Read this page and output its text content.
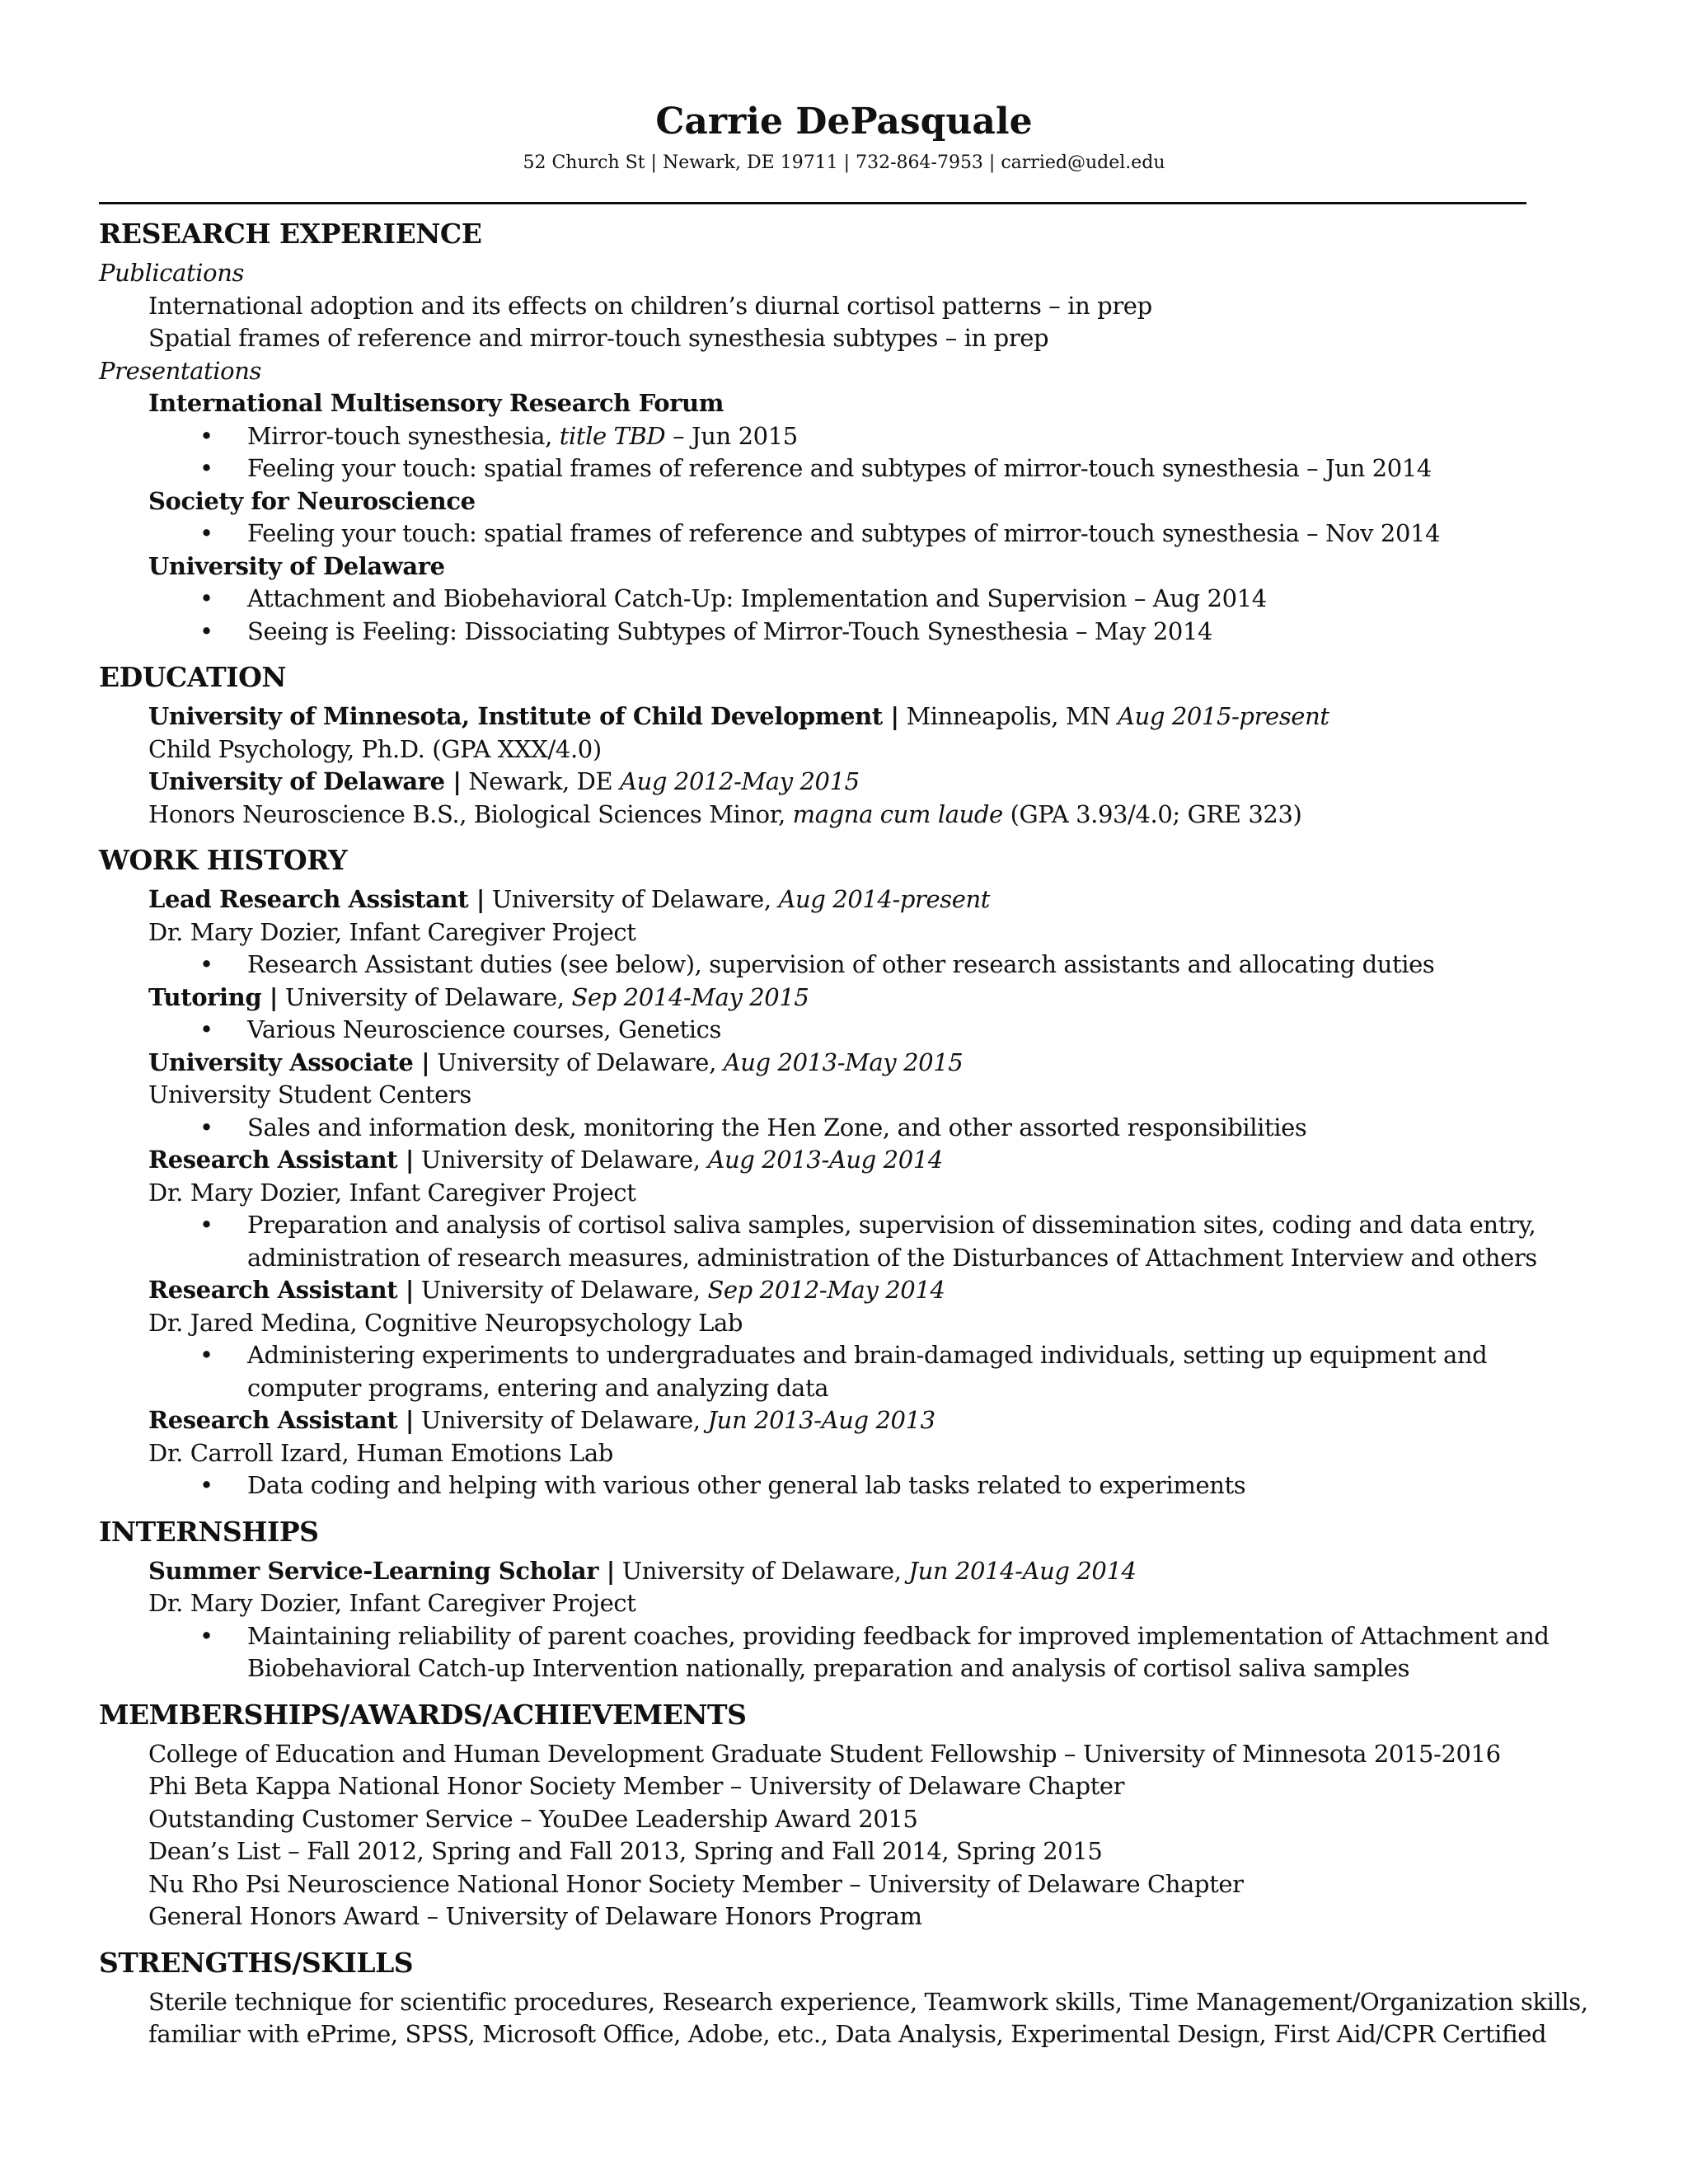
Carrie DePasquale
52 Church St | Newark, DE 19711 | 732-864-7953 | carried@udel.edu
RESEARCH EXPERIENCE
Publications
International adoption and its effects on children’s diurnal cortisol patterns – in prep
Spatial frames of reference and mirror-touch synesthesia subtypes – in prep
Presentations
International Multisensory Research Forum
• Mirror-touch synesthesia, title TBD – Jun 2015
• Feeling your touch: spatial frames of reference and subtypes of mirror-touch synesthesia – Jun 2014
Society for Neuroscience
• Feeling your touch: spatial frames of reference and subtypes of mirror-touch synesthesia – Nov 2014
University of Delaware
• Attachment and Biobehavioral Catch-Up: Implementation and Supervision – Aug 2014
• Seeing is Feeling: Dissociating Subtypes of Mirror-Touch Synesthesia – May 2014
EDUCATION
University of Minnesota, Institute of Child Development | Minneapolis, MN Aug 2015-present
Child Psychology, Ph.D. (GPA XXX/4.0)
University of Delaware | Newark, DE Aug 2012-May 2015
Honors Neuroscience B.S., Biological Sciences Minor, magna cum laude (GPA 3.93/4.0; GRE 323)
WORK HISTORY
Lead Research Assistant | University of Delaware, Aug 2014-present
Dr. Mary Dozier, Infant Caregiver Project
• Research Assistant duties (see below), supervision of other research assistants and allocating duties
Tutoring | University of Delaware, Sep 2014-May 2015
• Various Neuroscience courses, Genetics
University Associate | University of Delaware, Aug 2013-May 2015
University Student Centers
• Sales and information desk, monitoring the Hen Zone, and other assorted responsibilities
Research Assistant | University of Delaware, Aug 2013-Aug 2014
Dr. Mary Dozier, Infant Caregiver Project
• Preparation and analysis of cortisol saliva samples, supervision of dissemination sites, coding and data entry,
administration of research measures, administration of the Disturbances of Attachment Interview and others
Research Assistant | University of Delaware, Sep 2012-May 2014
Dr. Jared Medina, Cognitive Neuropsychology Lab
• Administering experiments to undergraduates and brain-damaged individuals, setting up equipment and
computer programs, entering and analyzing data
Research Assistant | University of Delaware, Jun 2013-Aug 2013
Dr. Carroll Izard, Human Emotions Lab
• Data coding and helping with various other general lab tasks related to experiments
INTERNSHIPS
Summer Service-Learning Scholar | University of Delaware, Jun 2014-Aug 2014
Dr. Mary Dozier, Infant Caregiver Project
• Maintaining reliability of parent coaches, providing feedback for improved implementation of Attachment and
Biobehavioral Catch-up Intervention nationally, preparation and analysis of cortisol saliva samples
MEMBERSHIPS/AWARDS/ACHIEVEMENTS
College of Education and Human Development Graduate Student Fellowship – University of Minnesota 2015-2016
Phi Beta Kappa National Honor Society Member – University of Delaware Chapter
Outstanding Customer Service – YouDee Leadership Award 2015
Dean’s List – Fall 2012, Spring and Fall 2013, Spring and Fall 2014, Spring 2015
Nu Rho Psi Neuroscience National Honor Society Member – University of Delaware Chapter
General Honors Award – University of Delaware Honors Program
STRENGTHS/SKILLS
Sterile technique for scientific procedures, Research experience, Teamwork skills, Time Management/Organization skills,
familiar with ePrime, SPSS, Microsoft Office, Adobe, etc., Data Analysis, Experimental Design, First Aid/CPR Certified
